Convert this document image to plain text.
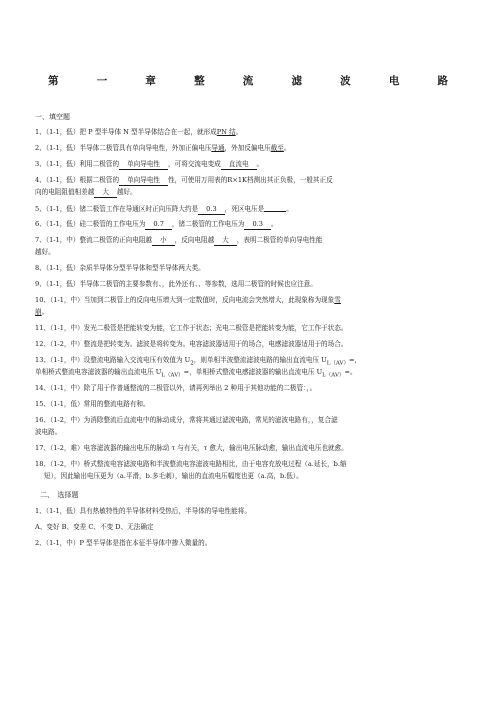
第	一	章	整	流	滤	波	电	路
一、填空题
1、（1-1，低）把 P 型半导体 N 型半导体结合在一起，就形成PN 结。
2、（1-1，低）半导体二极管具有单向导电性，外加正偏电压导通，外加反偏电压截至。
3、（1-1，低）利用二极管的 单向导电性 ，可将交流电变成 直流电 。
4、（1-1，低）根据二极管的 单向导电性 性，可使用万用表的R×1K档测出其正负极，一般其正反
向的电阻阻值相差越 大 越好。
5、（1-1，低）锗二极管工作在导通区时正向压降大约是 0.3 ，死区电压是	。
6、（1-1，低）硅二极管的工作电压为 0.7 ，锗二极管的工作电压为 0.3 。
7、（1-1，中）整流二极管的正向电阻越 小 ，反向电阻越 大 ，表明二极管的单向导电性能
越好。
8、（1-1，低）杂质半导体分型半导体和型半导体两大类。
9、（1-1，低）半导体二极管的主要参数有、，此外还有、、等参数，选用二极管的时候也应注意。
10、（1-1，中）当加到二极管上的反向电压增大到一定数值时，反向电流会突然增大，此现象称为现象雪
崩。
11、（1-1，中）发光二极管是把能转变为能，它工作于状态；光电二极管是把能转变为能，它工作于状态。
12、（1-2，中）整流是把转变为。滤波是将转变为。电容滤波器适用于的场合，电感滤波器适用于的场合。
13、（1-1，中）设整流电路输入交流电压有效值为 $U_2$，则单相半波整流滤波电路的输出直流电压 $U_{L(AV)}=$，
单相桥式整流电容滤波器的输出直流电压 $U_{L(AV)}=$，单相桥式整流电感滤波器的输出直流电压 $U_{L(AV)}=$。
14、（1-1，中）除了用于作普通整流的二极管以外，请再列举出 2 种用于其他功能的二极管：，。
15、（1-1，低）常用的整流电路有和。
16、（1-2，中）为消除整流后直流电中的脉动成分，常将其通过滤波电路，常见的滤波电路有，，复合滤
波电路。
17、（1-2，难）电容滤波器的输出电压的脉动 τ 与有关，τ 愈大，输出电压脉动愈，输出直流电压也就愈。
18、（1-2，中）桥式整流电容滤波电路和半波整流电容滤波电路相比，由于电容充放电过程（a.延长，b.缩
短），因此输出电压更为（a.平滑，b.多毛刺），输出的直流电压幅度也更（a.高，b.低）。
二、　选择题
1、（1-1，低）具有热敏特性的半导体材料受热后，半导体的导电性能将。
A、变好 B、变差 C、不变 D、无法确定
2、（1-1，中）P 型半导体是指在本征半导体中掺入微量的。
